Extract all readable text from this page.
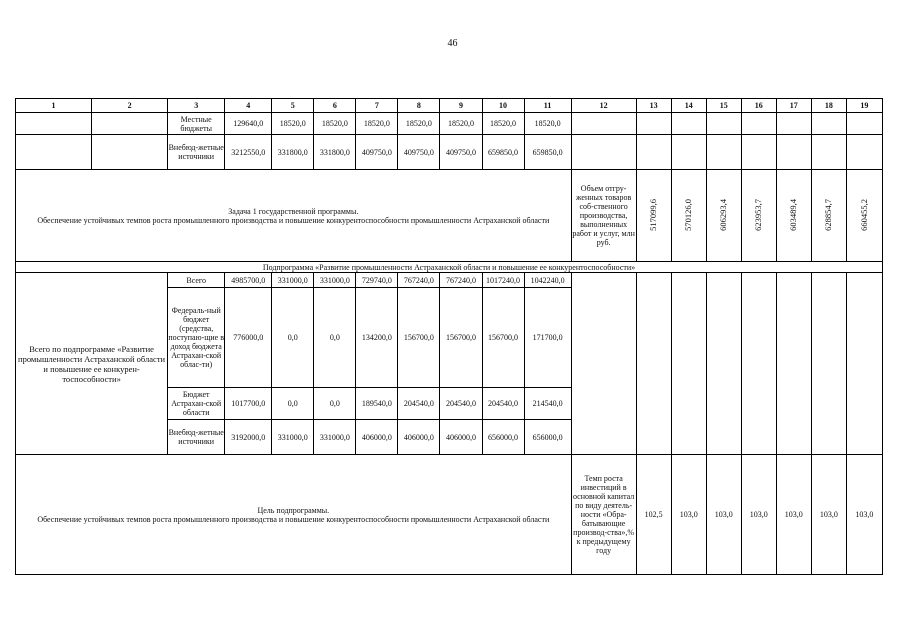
46
1	2	3	4	5	6	7	8	9	10	11	12	13	14	15	16	17	18	19
		Местные бюджеты	129640,0	18520,0	18520,0	18520,0	18520,0	18520,0	18520,0	18520,0								
		Внебюд-жетные источники	3212550,0	331800,0	331800,0	409750,0	409750,0	409750,0	659850,0	659850,0								

Задача 1 государственной программы.
Обеспечение устойчивых темпов роста промышленного производства и повышение конкурентоспособности промышленности Астраханской области											Объем отгру-женных товаров соб-ственного производства, выполненных работ и услуг, млн руб.	517099,6	570126,0	606293,4	623953,7	603489,4	628854,7	660455,2
Подпрограмма «Развитие промышленности Астраханской области и повышение ее конкурентоспособности»																		
Всего по подпрограмме «Развитие промышленности Астраханской области и повышение ее конкурен-тоспособности»		Всего	4985700,0	331000,0	331000,0	729740,0	767240,0	767240,0	1017240,0	1042240,0								
		Федераль-ный бюджет (средства, поступаю-щие в доход бюджета Астрахан-ской облас-ти)	776000,0	0,0	0,0	134200,0	156700,0	156700,0	156700,0	171700,0								
		Бюджет Астрахан-ской области	1017700,0	0,0	0,0	189540,0	204540,0	204540,0	204540,0	214540,0								
		Внебюд-жетные источники	3192000,0	331000,0	331000,0	406000,0	406000,0	406000,0	656000,0	656000,0								

Цель подпрограммы.
Обеспечение устойчивых темпов роста промышленного производства и повышение конкурентоспособности промышленности Астраханской области											Темп роста инвестиций в основной капитал по виду деятель-ности «Обра-батывающие производ-ства»,% к предыдущему году	102,5	103,0	103,0	103,0	103,0	103,0	103,0
